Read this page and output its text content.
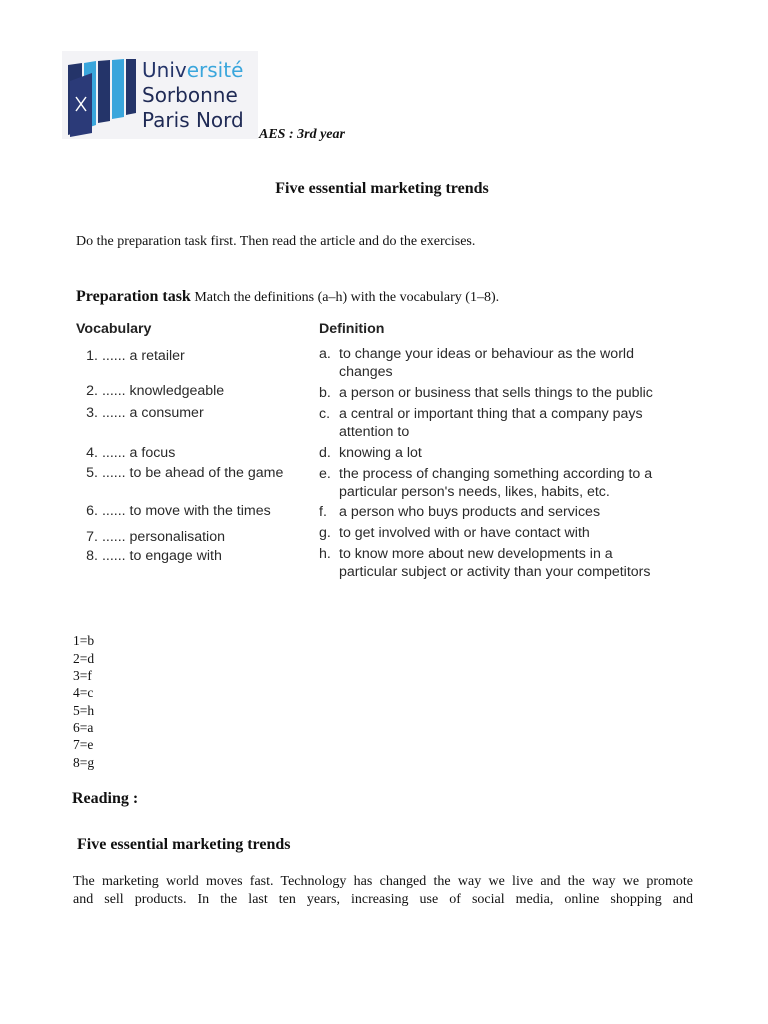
Université
Sorbonne
Paris Nord
AES : 3rd year
Five essential marketing trends
Do the preparation task first. Then read the article and do the exercises.
Preparation task Match the definitions (a–h) with the vocabulary (1–8).
Vocabulary	Definition
1. ...... a retailer
2. ...... knowledgeable
3. ...... a consumer
4. ...... a focus
5. ...... to be ahead of the game
6. ...... to move with the times
7. ...... personalisation
8. ...... to engage with
a. to change your ideas or behaviour as the world
changes
b. a person or business that sells things to the public
c. a central or important thing that a company pays
attention to
d. knowing a lot
e. the process of changing something according to a
particular person's needs, likes, habits, etc.
f. a person who buys products and services
g. to get involved with or have contact with
h. to know more about new developments in a
particular subject or activity than your competitors
1=b
2=d
3=f
4=c
5=h
6=a
7=e
8=g
Reading :
Five essential marketing trends
The marketing world moves fast. Technology has changed the way we live and the way we promote
and sell products. In the last ten years, increasing use of social media, online shopping and
